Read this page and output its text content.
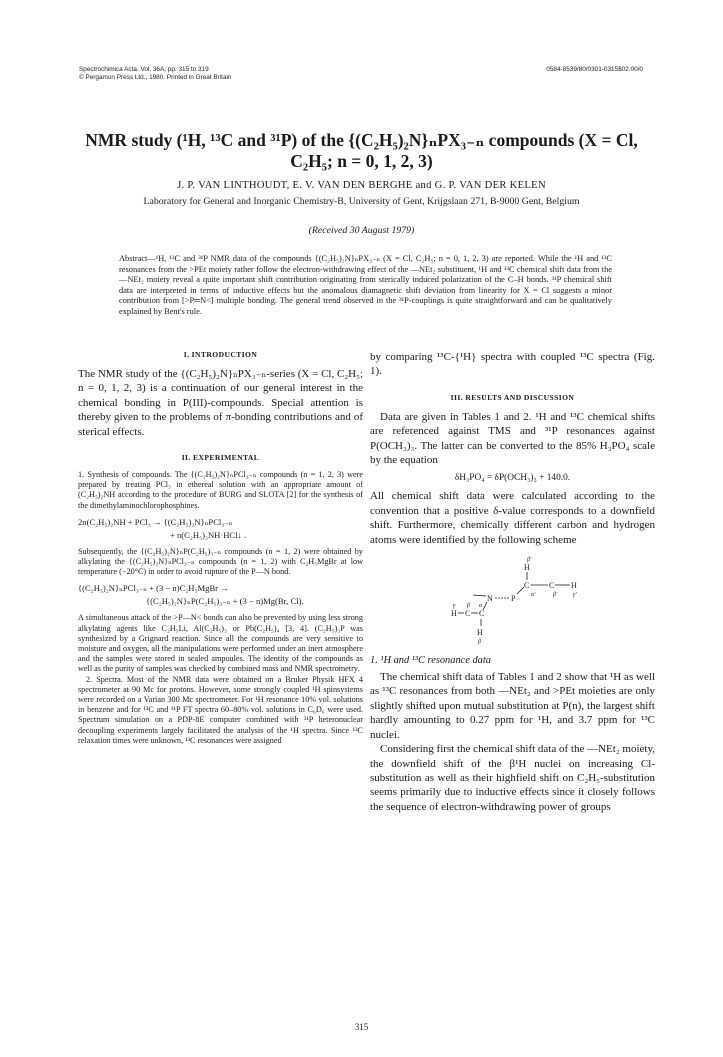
Spectrochimica Acta. Vol. 36A, pp. 315 to 319
© Pergamon Press Ltd., 1980. Printed in Great Britain
0584-8539/80/0301-0315$02.00/0
NMR study (¹H, ¹³C and ³¹P) of the {(C₂H₅)₂N}ₙPX₃₋ₙ compounds (X = Cl, C₂H₅; n = 0, 1, 2, 3)
J. P. VAN LINTHOUDT, E. V. VAN DEN BERGHE and G. P. VAN DER KELEN
Laboratory for General and Inorganic Chemistry-B, University of Gent, Krijgslaan 271, B-9000 Gent, Belgium
(Received 30 August 1979)
Abstract—¹H, ¹³C and ³¹P NMR data of the compounds {(C₂H₅)₂N}ₙPX₃₋ₙ (X = Cl, C₂H₅; n = 0, 1, 2, 3) are reported. While the ¹H and ¹³C resonances from the >PEt moiety rather follow the electron-withdrawing effect of the —NEt₂ substituent, ¹H and ¹³C chemical shift data from the —NEt₂ moiety reveal a quite important shift contribution originating from sterically induced polarization of the C–H bonds. ³¹P chemical shift data are interpreted in terms of inductive effects but the anomalous diamagnetic shift deviation from linearity for X = Cl suggests a minor contribution from [>P═N<] multiple bonding. The general trend observed in the ³¹P-couplings is quite straightforward and can be qualitatively explained by Bent's rule.
I. INTRODUCTION

The NMR study of the {(C₂H₅)₂N}ₙPX₃₋ₙ-series (X = Cl, C₂H₅; n = 0, 1, 2, 3) is a continuation of our general interest in the chemical bonding in P(III)-compounds. Special attention is thereby given to the problems of π-bonding contributions and of sterical effects.

II. EXPERIMENTAL

1. Synthesis of compounds. The {(C₂H₅)₂N}ₙPCl₃₋ₙ compounds (n = 1, 2, 3) were prepared by treating PCl₃ in ethereal solution with an appropriate amount of (C₂H₅)₂NH according to the procedure of BURG and SLOTA [2] for the synthesis of the dimethylaminochlorophosphines.

2n(C₂H₅)₂NH + PCl₃ → {(C₂H₅)₂N}ₙPCl₃₋ₙ
+ n(C₂H₅)₂NH·HCl↓ .

Subsequently, the {(C₂H₅)₂N}ₙP(C₂H₅)₃₋ₙ compounds (n = 1, 2) were obtained by alkylating the {(C₂H₅)₂N}ₙPCl₃₋ₙ compounds (n = 1, 2) with C₂H₅MgBr at low temperature (−20°C) in order to avoid rupture of the P—N bond.

{(C₂H₅)₂N}ₙPCl₃₋ₙ + (3 − n)C₂H₅MgBr →
{(C₂H₅)₂N}ₙP(C₂H₅)₃₋ₙ + (3 − n)Mg(Br, Cl).

A simultaneous attack of the >P—N< bonds can also be prevented by using less strong alkylating agents like C₂H₅Li, Al(C₂H₅)₃ or Pb(C₂H₅)₄ [3, 4]. (C₂H₅)₃P was synthesized by a Grignard reaction. Since all the compounds are very sensitive to moisture and oxygen, all the manipulations were performed under an inert atmosphere and the samples were stored in sealed ampoules. The identity of the compounds as well as the purity of samples was checked by combined mass and NMR spectrometry.

2. Spectra. Most of the NMR data were obtained on a Bruker Physik HFX 4 spectrometer at 90 Mc for protons. However, some strongly coupled ¹H spinsystems were recorded on a Varian 300 Mc spectrometer. For ¹H resonance 10% vol. solutions in benzene and for ¹³C and ³¹P FT spectra 60–80% vol. solutions in C₆D₆ were used. Spectrum simulation on a PDP-8E computer combined with ³¹P heteronuclear decoupling experiments largely facilitated the analysis of the ¹H spectra. Since ¹³C relaxation times were unknown, ¹³C resonances were assigned

by comparing ¹³C-{¹H} spectra with coupled ¹³C spectra (Fig. 1).

III. RESULTS AND DISCUSSION

Data are given in Tables 1 and 2. ¹H and ¹³C chemical shifts are referenced against TMS and ³¹P resonances against P(OCH₃)₃. The latter can be converted to the 85% H₃PO₄ scale by the equation

δH₃PO₄ = δP(OCH₃)₃ + 140.0.

All chemical shift data were calculated according to the convention that a positive δ-value corresponds to a downfield shift. Furthermore, chemically different carbon and hydrogen atoms were identified by the following scheme

β'
H
C C H
α'	β'	γ'
N P
γ β α
H C C
H
β
1. ¹H and ¹³C resonance data

The chemical shift data of Tables 1 and 2 show that ¹H as well as ¹³C resonances from both —NEt₂ and >PEt moieties are only slightly shifted upon mutual substitution at P(n), the largest shift hardly amounting to 0.27 ppm for ¹H, and 3.7 ppm for ¹³C nuclei.

Considering first the chemical shift data of the —NEt₂ moiety, the downfield shift of the β¹H nuclei on increasing Cl-substitution as well as their highfield shift on C₂H₅-substitution seems primarily due to inductive effects since it closely follows the sequence of electron-withdrawing power of groups

315
